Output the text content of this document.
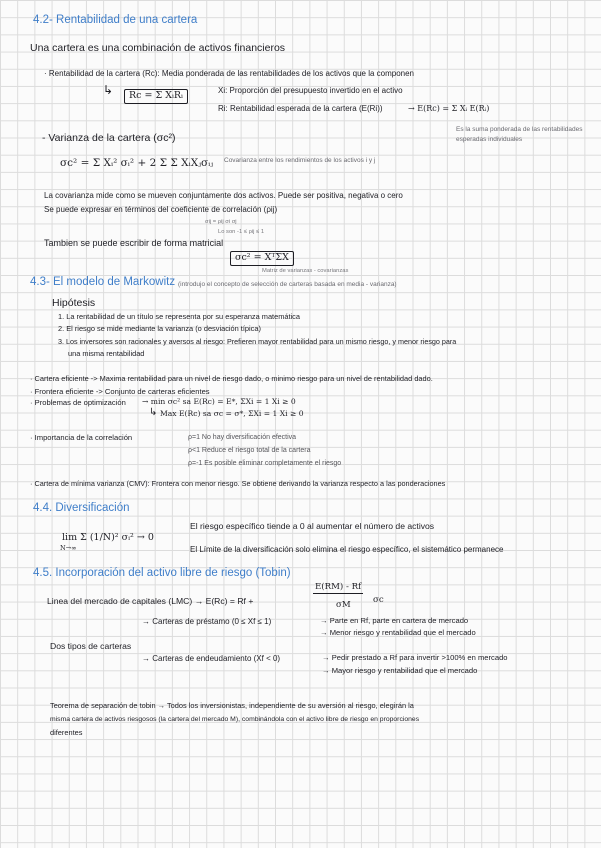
4.2- Rentabilidad de una cartera
Una cartera es una combinación de activos financieros
· Rentabilidad de la cartera (Rc): Media ponderada de las rentabilidades de los activos que la componen
↳	Rc = Σ XᵢRᵢ	Xi: Proporción del presupuesto invertido en el activo
Ri: Rentabilidad esperada de la cartera (E(Ri))	→ E(Rc) = Σ Xᵢ E(Rᵢ)
Es la suma ponderada de las rentabilidades
esperadas individuales
- Varianza de la cartera (σc²)
σc² = Σ Xᵢ² σᵢ² + 2 Σ Σ XᵢXⱼσᵢⱼ Covarianza entre los rendimientos de los activos i y j
La covarianza mide como se mueven conjuntamente dos activos. Puede ser positiva, negativa o cero
Se puede expresar en términos del coeficiente de correlación (ρij)
σij = ρij σi σj
Lo son -1 ≤ ρij ≤ 1
Tambien se puede escribir de forma matricial
σc² = XᵀΣX
Matriz de varianzas - covarianzas
4.3- El modelo de Markowitz (introdujo el concepto de selección de carteras basada en media - varianza)
Hipótesis
1. La rentabilidad de un título se representa por su esperanza matemática
2. El riesgo se mide mediante la varianza (o desviación típica)
3. Los inversores son racionales y aversos al riesgo: Prefieren mayor rentabilidad para un mismo riesgo, y menor riesgo para
una misma rentabilidad
· Cartera eficiente -> Maxima rentabilidad para un nivel de riesgo dado, o minimo riesgo para un nivel de rentabilidad dado.
· Frontera eficiente -> Conjunto de carteras eficientes
· Problemas de optimización → min σc² sa E(Rc) = E*, ΣXi = 1 Xi ≥ 0
↳ Max E(Rc) sa σc = σ*, ΣXi = 1 Xi ≥ 0
· Importancia de la correlación	ρ=1 No hay diversificación efectiva
ρ<1 Reduce el riesgo total de la cartera
ρ=-1 Es posible eliminar completamente el riesgo
· Cartera de mínima varianza (CMV): Frontera con menor riesgo. Se obtiene derivando la varianza respecto a las ponderaciones
4.4. Diversificación
lim Σ (1/N)² σᵢ² → 0
N→∞
El riesgo específico tiende a 0 al aumentar el número de activos
El Límite de la diversificación solo elimina el riesgo específico, el sistemático permanece
4.5. Incorporación del activo libre de riesgo (Tobin)
Linea del mercado de capitales (LMC) → E(Rc) = Rf +
E(RM) - Rf
σM	σc
Dos tipos de carteras
→ Carteras de préstamo (0 ≤ Xf ≤ 1)	→ Parte en Rf, parte en cartera de mercado
→ Menor riesgo y rentabilidad que el mercado
→ Carteras de endeudamiento (Xf < 0)	→ Pedir prestado a Rf para invertir >100% en mercado
→ Mayor riesgo y rentabilidad que el mercado
Teorema de separación de tobin → Todos los inversionistas, independiente de su aversión al riesgo, elegirán la
misma cartera de activos riesgosos (la cartera del mercado M), combinándola con el activo libre de riesgo en proporciones
diferentes
